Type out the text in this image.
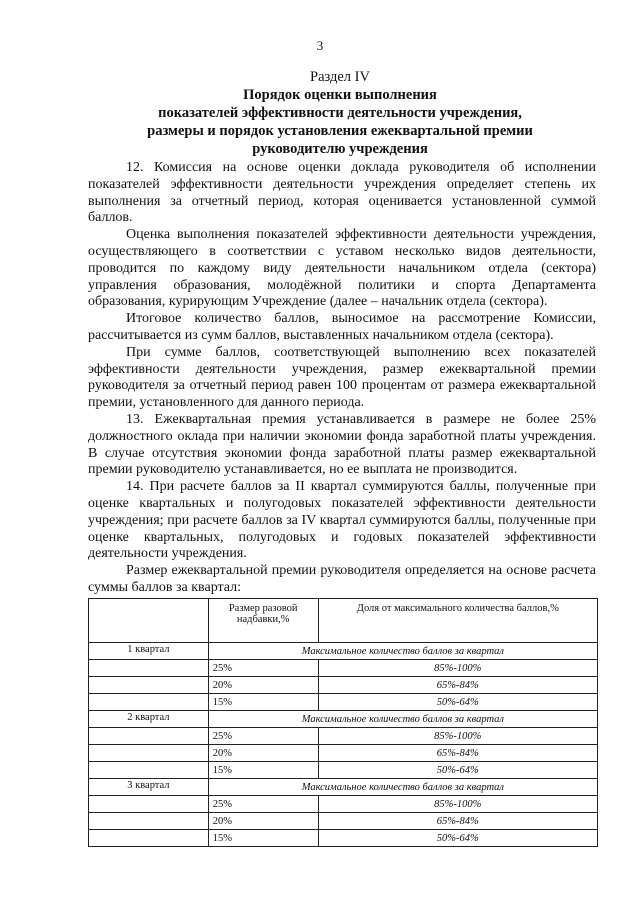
3
Раздел IV
Порядок оценки выполнения
показателей эффективности деятельности учреждения,
размеры и порядок установления ежеквартальной премии
руководителю учреждения

12. Комиссия на основе оценки доклада руководителя об исполнении показателей эффективности деятельности учреждения определяет степень их выполнения за отчетный период, которая оценивается установленной суммой баллов.

Оценка выполнения показателей эффективности деятельности учреждения, осуществляющего в соответствии с уставом несколько видов деятельности, проводится по каждому виду деятельности начальником отдела (сектора) управления образования, молодёжной политики и спорта Департамента образования, курирующим Учреждение (далее – начальник отдела (сектора).

Итоговое количество баллов, выносимое на рассмотрение Комиссии, рассчитывается из сумм баллов, выставленных начальником отдела (сектора).

При сумме баллов, соответствующей выполнению всех показателей эффективности деятельности учреждения, размер ежеквартальной премии руководителя за отчетный период равен 100 процентам от размера ежеквартальной премии, установленного для данного периода.

13. Ежеквартальная премия устанавливается в размере не более 25% должностного оклада при наличии экономии фонда заработной платы учреждения. В случае отсутствия экономии фонда заработной платы размер ежеквартальной премии руководителю устанавливается, но ее выплата не производится.

14. При расчете баллов за II квартал суммируются баллы, полученные при оценке квартальных и полугодовых показателей эффективности деятельности учреждения; при расчете баллов за IV квартал суммируются баллы, полученные при оценке квартальных, полугодовых и годовых показателей эффективности деятельности учреждения.

Размер ежеквартальной премии руководителя определяется на основе расчета суммы баллов за квартал:

	Размер разовой надбавки,%	Доля от максимального количества баллов,%
1 квартал	Максимальное количество баллов за квартал	
	25%	85%-100%
	20%	65%-84%
	15%	50%-64%
2 квартал	Максимальное количество баллов за квартал	
	25%	85%-100%
	20%	65%-84%
	15%	50%-64%
3 квартал	Максимальное количество баллов за квартал	
	25%	85%-100%
	20%	65%-84%
	15%	50%-64%
